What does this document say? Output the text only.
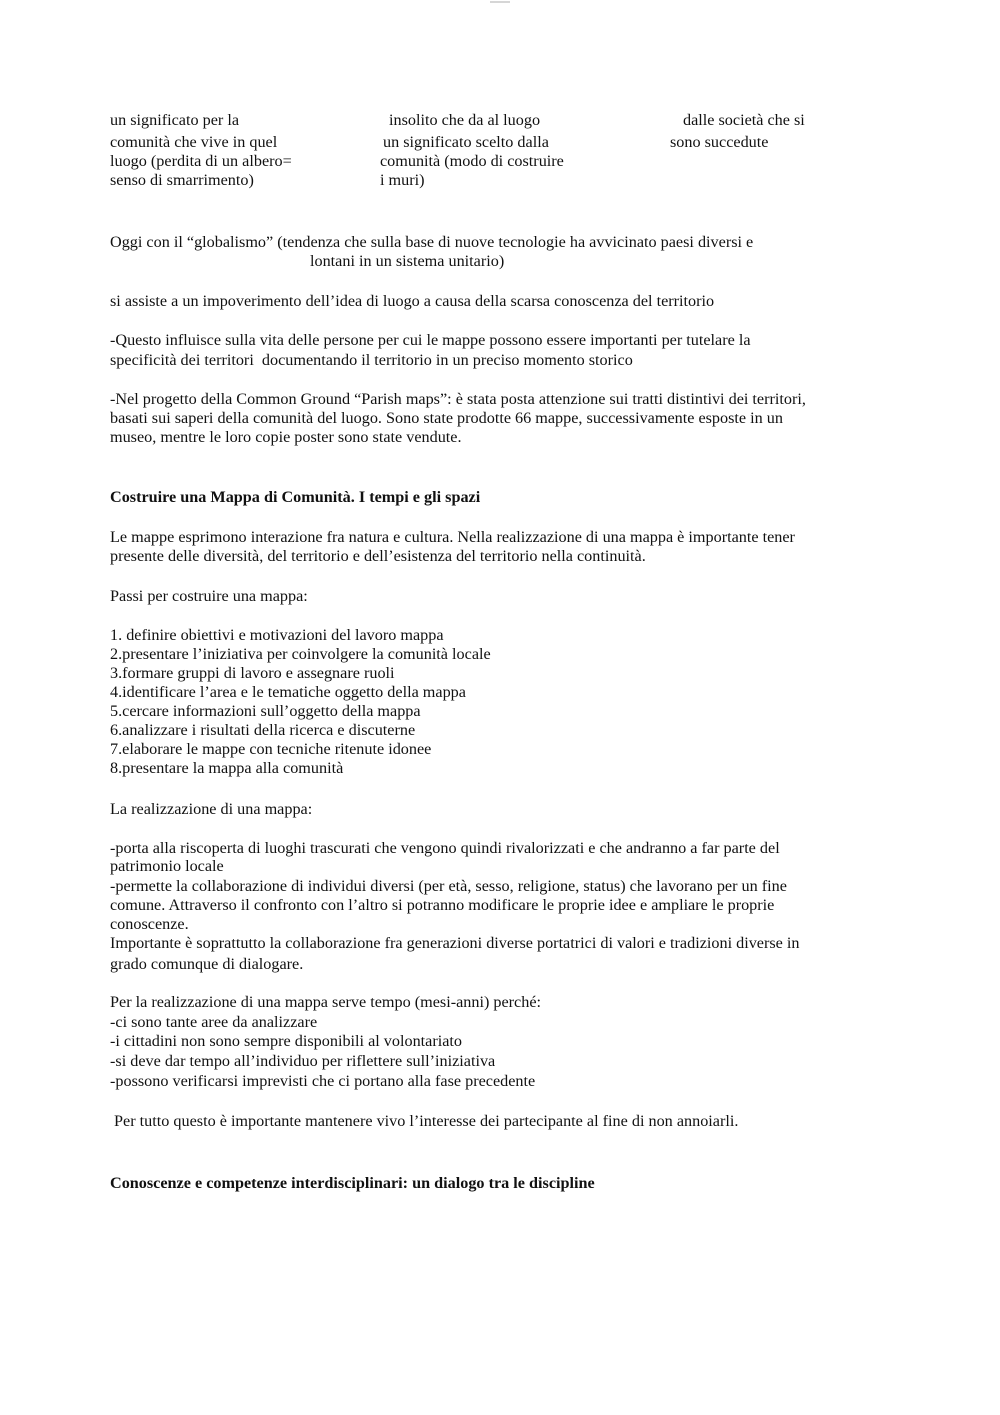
un significato per la
comunità che vive in quel
luogo (perdita di un albero=
senso di smarrimento)
insolito che da al luogo
un significato scelto dalla
comunità (modo di costruire
i muri)
dalle società che si
sono succedute
Oggi con il “globalismo” (tendenza che sulla base di nuove tecnologie ha avvicinato paesi diversi e
lontani in un sistema unitario)
si assiste a un impoverimento dell’idea di luogo a causa della scarsa conoscenza del territorio
-Questo influisce sulla vita delle persone per cui le mappe possono essere importanti per tutelare la
specificità dei territori  documentando il territorio in un preciso momento storico
-Nel progetto della Common Ground “Parish maps”: è stata posta attenzione sui tratti distintivi dei territori,
basati sui saperi della comunità del luogo. Sono state prodotte 66 mappe, successivamente esposte in un
museo, mentre le loro copie poster sono state vendute.
Costruire una Mappa di Comunità. I tempi e gli spazi
Le mappe esprimono interazione fra natura e cultura. Nella realizzazione di una mappa è importante tener
presente delle diversità, del territorio e dell’esistenza del territorio nella continuità.
Passi per costruire una mappa:
1. definire obiettivi e motivazioni del lavoro mappa
2.presentare l’iniziativa per coinvolgere la comunità locale
3.formare gruppi di lavoro e assegnare ruoli
4.identificare l’area e le tematiche oggetto della mappa
5.cercare informazioni sull’oggetto della mappa
6.analizzare i risultati della ricerca e discuterne
7.elaborare le mappe con tecniche ritenute idonee
8.presentare la mappa alla comunità
La realizzazione di una mappa:
-porta alla riscoperta di luoghi trascurati che vengono quindi rivalorizzati e che andranno a far parte del
patrimonio locale
-permette la collaborazione di individui diversi (per età, sesso, religione, status) che lavorano per un fine
comune. Attraverso il confronto con l’altro si potranno modificare le proprie idee e ampliare le proprie
conoscenze.
Importante è soprattutto la collaborazione fra generazioni diverse portatrici di valori e tradizioni diverse in
grado comunque di dialogare.
Per la realizzazione di una mappa serve tempo (mesi-anni) perché:
-ci sono tante aree da analizzare
-i cittadini non sono sempre disponibili al volontariato
-si deve dar tempo all’individuo per riflettere sull’iniziativa
-possono verificarsi imprevisti che ci portano alla fase precedente
Per tutto questo è importante mantenere vivo l’interesse dei partecipante al fine di non annoiarli.
Conoscenze e competenze interdisciplinari: un dialogo tra le discipline
